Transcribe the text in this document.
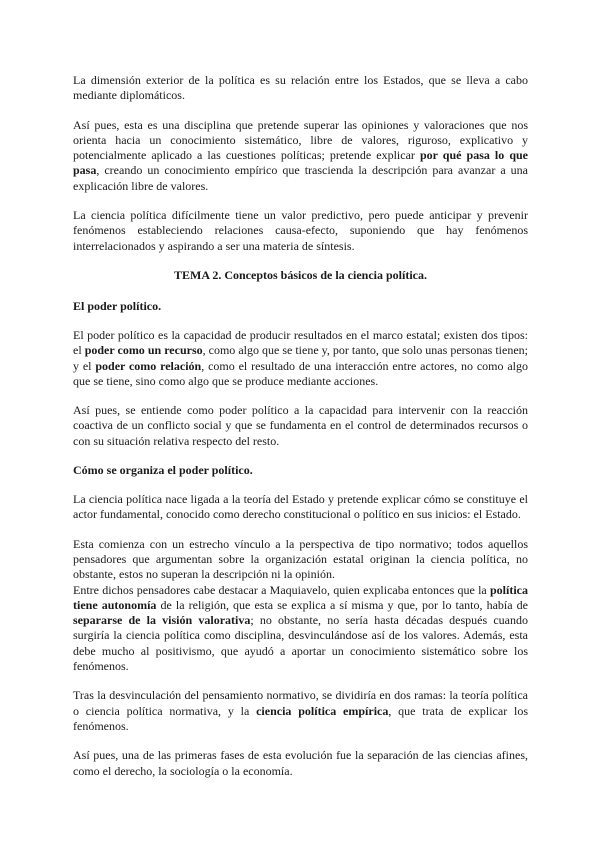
La dimensión exterior de la política es su relación entre los Estados, que se lleva a cabo mediante diplomáticos.

Así pues, esta es una disciplina que pretende superar las opiniones y valoraciones que nos orienta hacia un conocimiento sistemático, libre de valores, riguroso, explicativo y potencialmente aplicado a las cuestiones políticas; pretende explicar por qué pasa lo que pasa, creando un conocimiento empírico que trascienda la descripción para avanzar a una explicación libre de valores.

La ciencia política difícilmente tiene un valor predictivo, pero puede anticipar y prevenir fenómenos estableciendo relaciones causa-efecto, suponiendo que hay fenómenos interrelacionados y aspirando a ser una materia de síntesis.

TEMA 2. Conceptos básicos de la ciencia política.
El poder político.

El poder político es la capacidad de producir resultados en el marco estatal; existen dos tipos: el poder como un recurso, como algo que se tiene y, por tanto, que solo unas personas tienen; y el poder como relación, como el resultado de una interacción entre actores, no como algo que se tiene, sino como algo que se produce mediante acciones.

Así pues, se entiende como poder político a la capacidad para intervenir con la reacción coactiva de un conflicto social y que se fundamenta en el control de determinados recursos o con su situación relativa respecto del resto.

Cómo se organiza el poder político.

La ciencia política nace ligada a la teoría del Estado y pretende explicar cómo se constituye el actor fundamental, conocido como derecho constitucional o político en sus inicios: el Estado.

Esta comienza con un estrecho vínculo a la perspectiva de tipo normativo; todos aquellos pensadores que argumentan sobre la organización estatal originan la ciencia política, no obstante, estos no superan la descripción ni la opinión.

Entre dichos pensadores cabe destacar a Maquiavelo, quien explicaba entonces que la política tiene autonomía de la religión, que esta se explica a sí misma y que, por lo tanto, había de separarse de la visión valorativa; no obstante, no sería hasta décadas después cuando surgiría la ciencia política como disciplina, desvinculándose así de los valores. Además, esta debe mucho al positivismo, que ayudó a aportar un conocimiento sistemático sobre los fenómenos.

Tras la desvinculación del pensamiento normativo, se dividiría en dos ramas: la teoría política o ciencia política normativa, y la ciencia política empírica, que trata de explicar los fenómenos.

Así pues, una de las primeras fases de esta evolución fue la separación de las ciencias afines, como el derecho, la sociología o la economía.
